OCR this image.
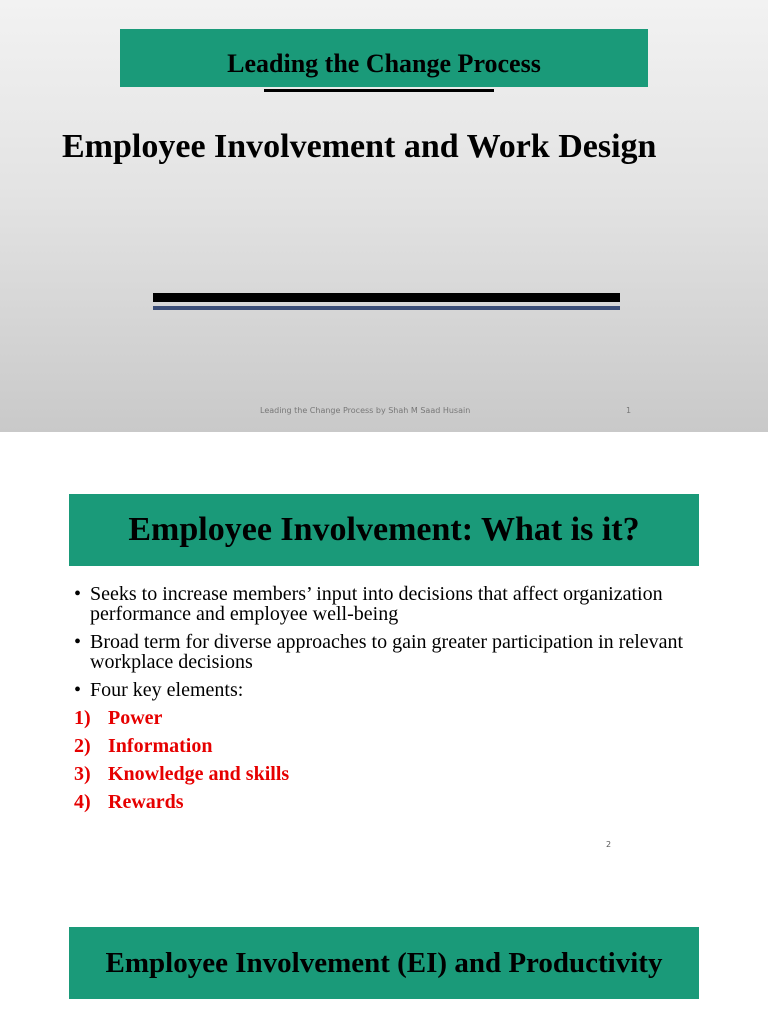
Leading the Change Process
Employee Involvement and Work Design
Leading the Change Process by Shah M Saad Husain	1
Employee Involvement: What is it?
• Seeks to increase members’ input into decisions that affect organization performance and employee well-being
• Broad term for diverse approaches to gain greater participation in relevant workplace decisions
• Four key elements:
1) Power
2) Information
3) Knowledge and skills
4) Rewards
2
Employee Involvement (EI) and Productivity
